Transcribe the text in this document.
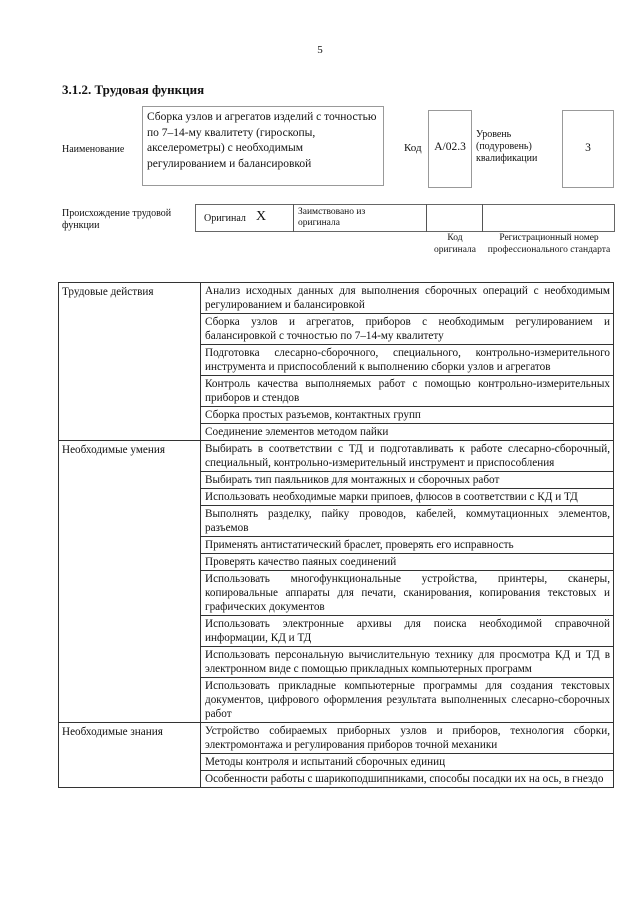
5
3.1.2. Трудовая функция
Наименование
Сборка узлов и агрегатов изделий с точностью по 7–14-му квалитету (гироскопы, акселерометры) с необходимым регулированием и балансировкой
Код	A/02.3
Уровень (подуровень) квалификации
3
Происхождение трудовой функции
Оригинал X	Заимствовано из оригинала
Код оригинала
Регистрационный номер профессионального стандарта
Трудовые действия	Анализ исходных данных для выполнения сборочных операций с необходимым регулированием и балансировкой
	Сборка узлов и агрегатов, приборов с необходимым регулированием и балансировкой с точностью по 7–14-му квалитету
	Подготовка слесарно-сборочного, специального, контрольно-измерительного инструмента и приспособлений к выполнению сборки узлов и агрегатов
	Контроль качества выполняемых работ с помощью контрольно-измерительных приборов и стендов
	Сборка простых разъемов, контактных групп
	Соединение элементов методом пайки
Необходимые умения	Выбирать в соответствии с ТД и подготавливать к работе слесарно-сборочный, специальный, контрольно-измерительный инструмент и приспособления
	Выбирать тип паяльников для монтажных и сборочных работ
	Использовать необходимые марки припоев, флюсов в соответствии с КД и ТД
	Выполнять разделку, пайку проводов, кабелей, коммутационных элементов, разъемов
	Применять антистатический браслет, проверять его исправность
	Проверять качество паяных соединений
	Использовать многофункциональные устройства, принтеры, сканеры, копировальные аппараты для печати, сканирования, копирования текстовых и графических документов
	Использовать электронные архивы для поиска необходимой справочной информации, КД и ТД
	Использовать персональную вычислительную технику для просмотра КД и ТД в электронном виде с помощью прикладных компьютерных программ
	Использовать прикладные компьютерные программы для создания текстовых документов, цифрового оформления результата выполненных слесарно-сборочных работ
Необходимые знания	Устройство собираемых приборных узлов и приборов, технология сборки, электромонтажа и регулирования приборов точной механики
	Методы контроля и испытаний сборочных единиц
	Особенности работы с шарикоподшипниками, способы посадки их на ось, в гнездо
